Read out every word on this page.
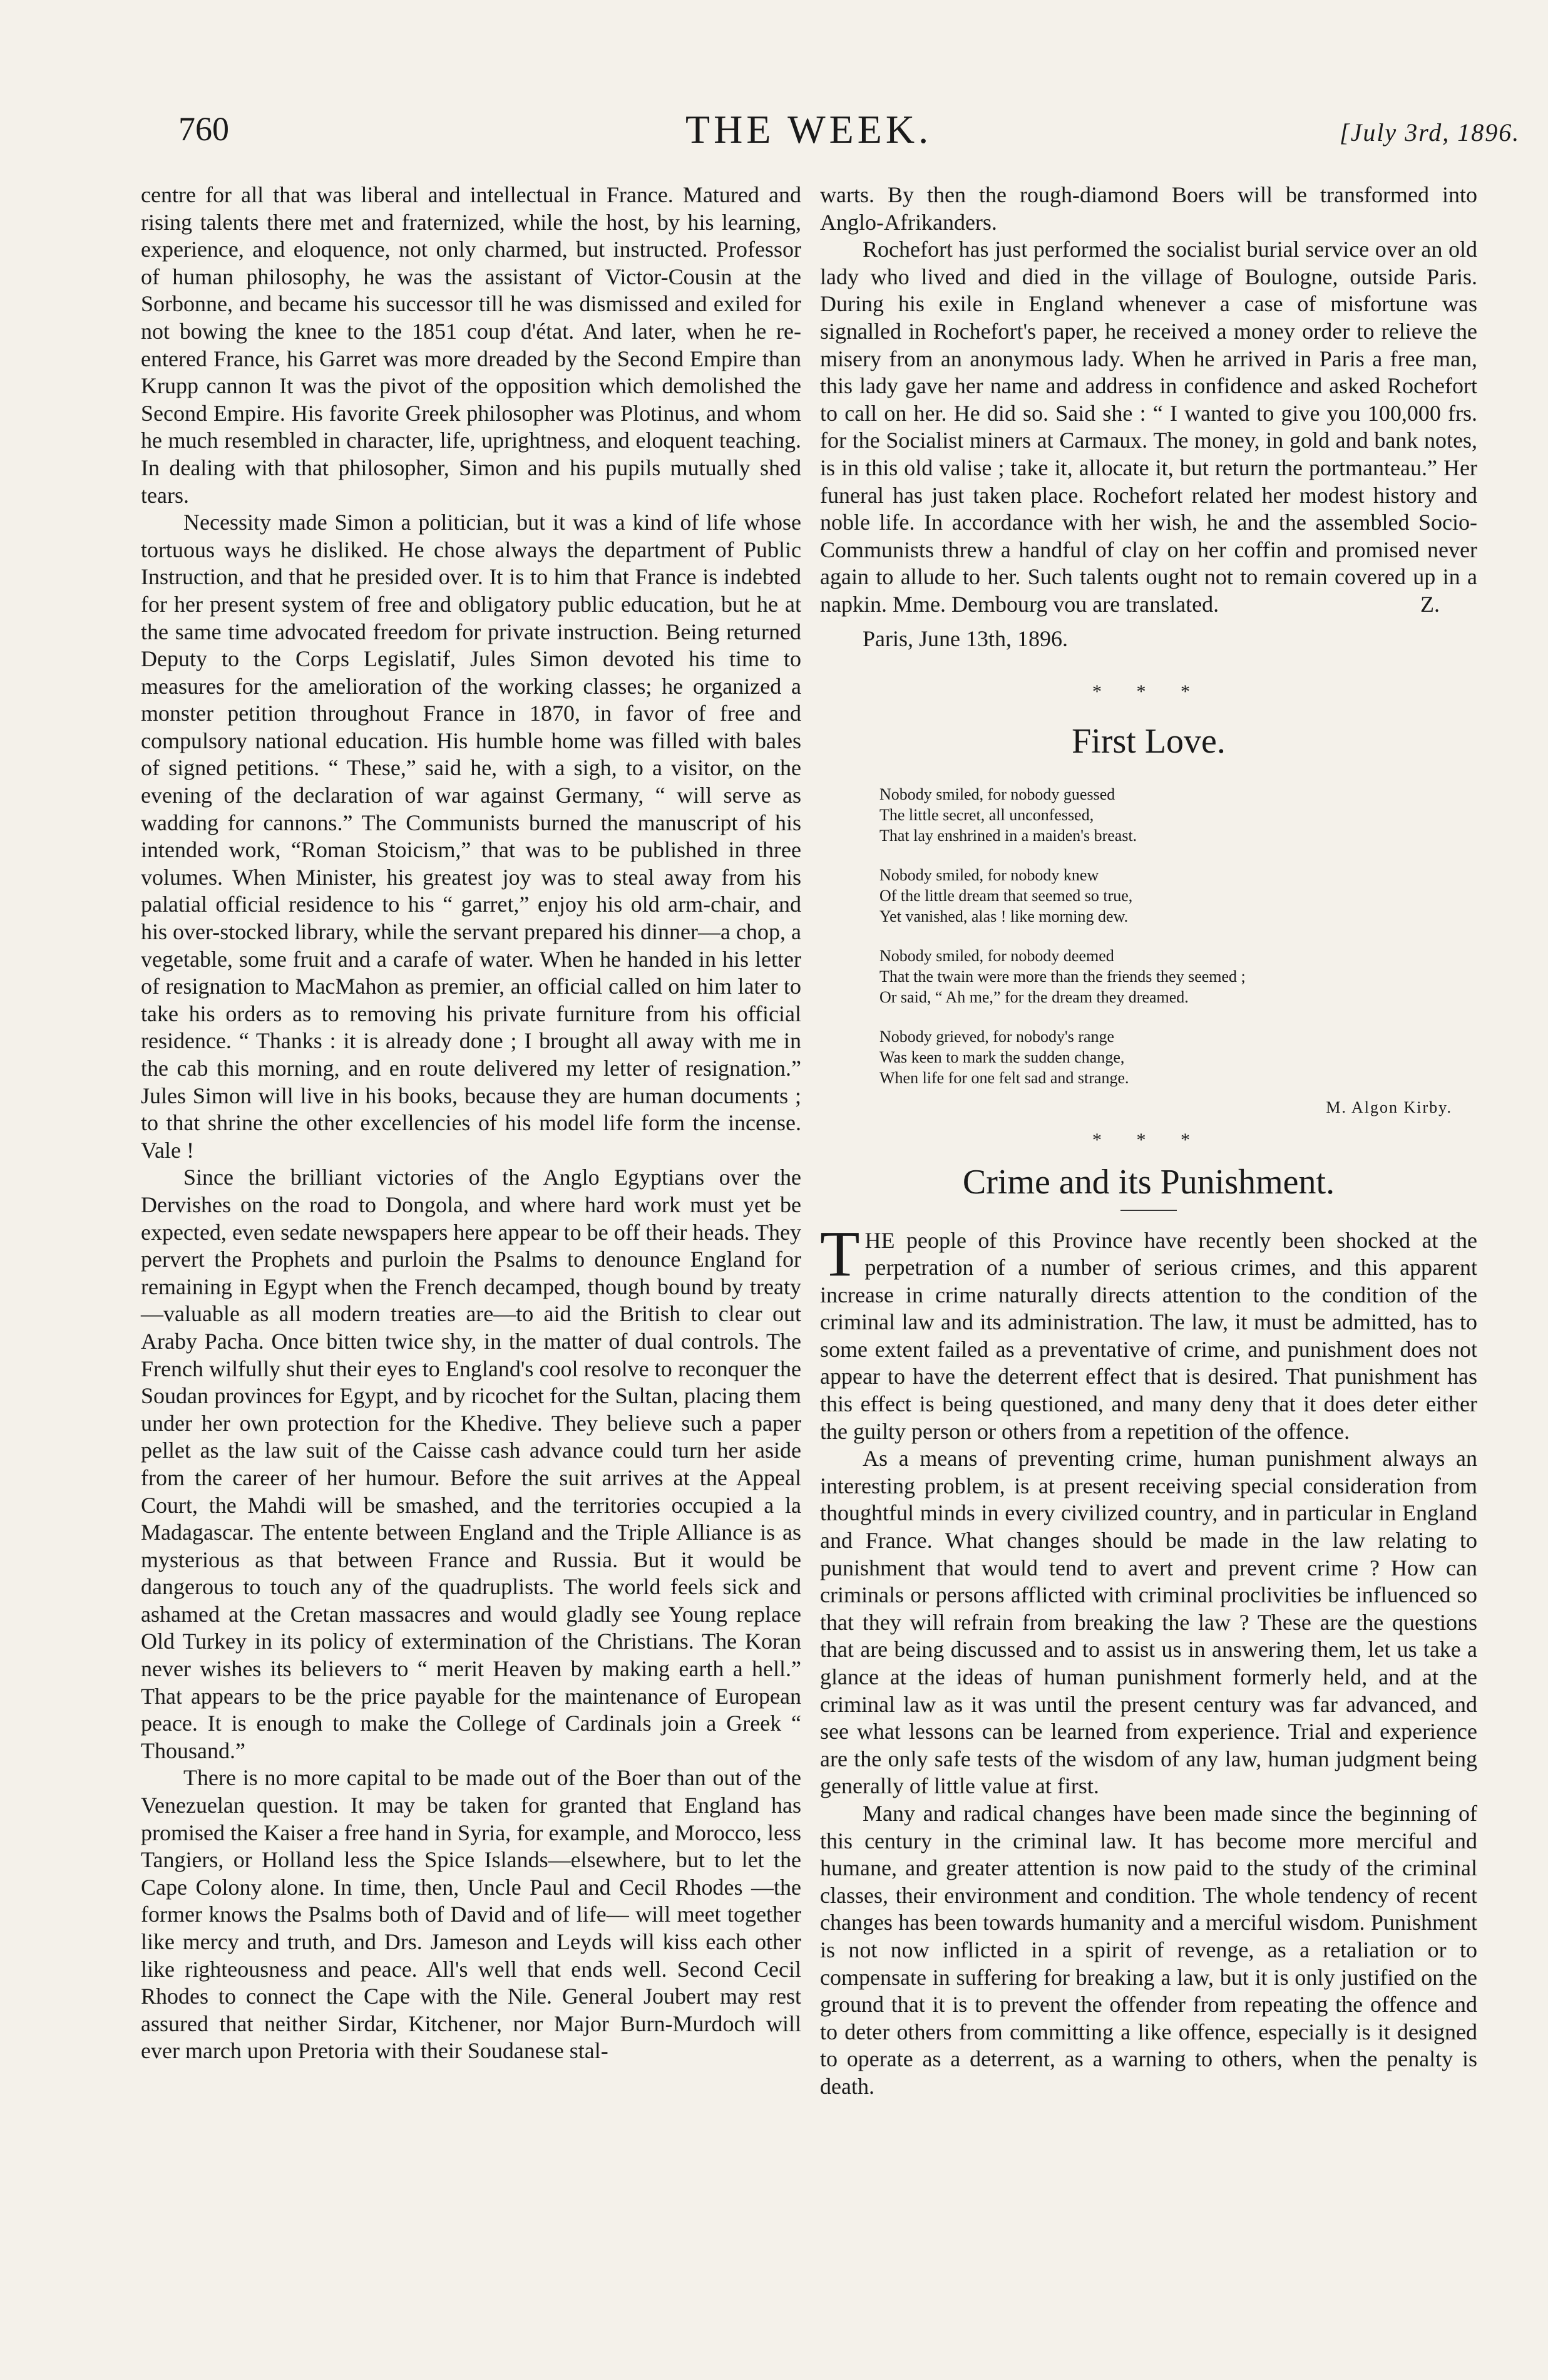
760	THE WEEK.	[July 3rd, 1896.

centre for all that was liberal and intellectual in France. Matured and rising talents there met and fraternized, while the host, by his learning, experience, and eloquence, not only charmed, but instructed. Professor of human philosophy, he was the assistant of Victor-Cousin at the Sorbonne, and became his successor till he was dismissed and exiled for not bowing the knee to the 1851 coup d'état. And later, when he re-entered France, his Garret was more dreaded by the Second Empire than Krupp cannon It was the pivot of the opposition which demolished the Second Empire. His favorite Greek philosopher was Plotinus, and whom he much resembled in character, life, uprightness, and eloquent teaching. In dealing with that philosopher, Simon and his pupils mutually shed tears.

Necessity made Simon a politician, but it was a kind of life whose tortuous ways he disliked. He chose always the department of Public Instruction, and that he presided over. It is to him that France is indebted for her present system of free and obligatory public education, but he at the same time advocated freedom for private instruction. Being returned Deputy to the Corps Legislatif, Jules Simon devoted his time to measures for the amelioration of the working classes; he organized a monster petition throughout France in 1870, in favor of free and compulsory national education. His humble home was filled with bales of signed petitions. “ These,” said he, with a sigh, to a visitor, on the evening of the declaration of war against Germany, “ will serve as wadding for cannons.” The Communists burned the manuscript of his intended work, “Roman Stoicism,” that was to be published in three volumes. When Minister, his greatest joy was to steal away from his palatial official residence to his “ garret,” enjoy his old arm-chair, and his over-stocked library, while the servant prepared his dinner—a chop, a vegetable, some fruit and a carafe of water. When he handed in his letter of resignation to MacMahon as premier, an official called on him later to take his orders as to removing his private furniture from his official residence. “ Thanks : it is already done ; I brought all away with me in the cab this morning, and en route delivered my letter of resignation.” Jules Simon will live in his books, because they are human documents ; to that shrine the other excellencies of his model life form the incense. Vale !

Since the brilliant victories of the Anglo Egyptians over the Dervishes on the road to Dongola, and where hard work must yet be expected, even sedate newspapers here appear to be off their heads. They pervert the Prophets and purloin the Psalms to denounce England for remaining in Egypt when the French decamped, though bound by treaty—valuable as all modern treaties are—to aid the British to clear out Araby Pacha. Once bitten twice shy, in the matter of dual controls. The French wilfully shut their eyes to England's cool resolve to reconquer the Soudan provinces for Egypt, and by ricochet for the Sultan, placing them under her own protection for the Khedive. They believe such a paper pellet as the law suit of the Caisse cash advance could turn her aside from the career of her humour. Before the suit arrives at the Appeal Court, the Mahdi will be smashed, and the territories occupied a la Madagascar. The entente between England and the Triple Alliance is as mysterious as that between France and Russia. But it would be dangerous to touch any of the quadruplists. The world feels sick and ashamed at the Cretan massacres and would gladly see Young replace Old Turkey in its policy of extermination of the Christians. The Koran never wishes its believers to “ merit Heaven by making earth a hell.” That appears to be the price payable for the maintenance of European peace. It is enough to make the College of Cardinals join a Greek “ Thousand.”

There is no more capital to be made out of the Boer than out of the Venezuelan question. It may be taken for granted that England has promised the Kaiser a free hand in Syria, for example, and Morocco, less Tangiers, or Holland less the Spice Islands—elsewhere, but to let the Cape Colony alone. In time, then, Uncle Paul and Cecil Rhodes —the former knows the Psalms both of David and of life— will meet together like mercy and truth, and Drs. Jameson and Leyds will kiss each other like righteousness and peace. All's well that ends well. Second Cecil Rhodes to connect the Cape with the Nile. General Joubert may rest assured that neither Sirdar, Kitchener, nor Major Burn-Murdoch will ever march upon Pretoria with their Soudanese stal-

warts. By then the rough-diamond Boers will be transformed into Anglo-Afrikanders.

Rochefort has just performed the socialist burial service over an old lady who lived and died in the village of Boulogne, outside Paris. During his exile in England whenever a case of misfortune was signalled in Rochefort's paper, he received a money order to relieve the misery from an anonymous lady. When he arrived in Paris a free man, this lady gave her name and address in confidence and asked Rochefort to call on her. He did so. Said she : “ I wanted to give you 100,000 frs. for the Socialist miners at Carmaux. The money, in gold and bank notes, is in this old valise ; take it, allocate it, but return the portmanteau.” Her funeral has just taken place. Rochefort related her modest history and noble life. In accordance with her wish, he and the assembled Socio-Communists threw a handful of clay on her coffin and promised never again to allude to her. Such talents ought not to remain covered up in a napkin. Mme. Dembourg vou are translated.	Z.

Paris, June 13th, 1896.
* * *
First Love.
Nobody smiled, for nobody guessed
The little secret, all unconfessed,
That lay enshrined in a maiden's breast.
Nobody smiled, for nobody knew
Of the little dream that seemed so true,
Yet vanished, alas ! like morning dew.
Nobody smiled, for nobody deemed
That the twain were more than the friends they seemed ;
Or said, “ Ah me,” for the dream they dreamed.
Nobody grieved, for nobody's range
Was keen to mark the sudden change,
When life for one felt sad and strange.
M. Algon Kirby.
* * *
Crime and its Punishment.

THE people of this Province have recently been shocked at the perpetration of a number of serious crimes, and this apparent increase in crime naturally directs attention to the condition of the criminal law and its administration. The law, it must be admitted, has to some extent failed as a preventative of crime, and punishment does not appear to have the deterrent effect that is desired. That punishment has this effect is being questioned, and many deny that it does deter either the guilty person or others from a repetition of the offence.

As a means of preventing crime, human punishment always an interesting problem, is at present receiving special consideration from thoughtful minds in every civilized country, and in particular in England and France. What changes should be made in the law relating to punishment that would tend to avert and prevent crime ? How can criminals or persons afflicted with criminal proclivities be influenced so that they will refrain from breaking the law ? These are the questions that are being discussed and to assist us in answering them, let us take a glance at the ideas of human punishment formerly held, and at the criminal law as it was until the present century was far advanced, and see what lessons can be learned from experience. Trial and experience are the only safe tests of the wisdom of any law, human judgment being generally of little value at first.

Many and radical changes have been made since the beginning of this century in the criminal law. It has become more merciful and humane, and greater attention is now paid to the study of the criminal classes, their environment and condition. The whole tendency of recent changes has been towards humanity and a merciful wisdom. Punishment is not now inflicted in a spirit of revenge, as a retaliation or to compensate in suffering for breaking a law, but it is only justified on the ground that it is to prevent the offender from repeating the offence and to deter others from committing a like offence, especially is it designed to operate as a deterrent, as a warning to others, when the penalty is death.
